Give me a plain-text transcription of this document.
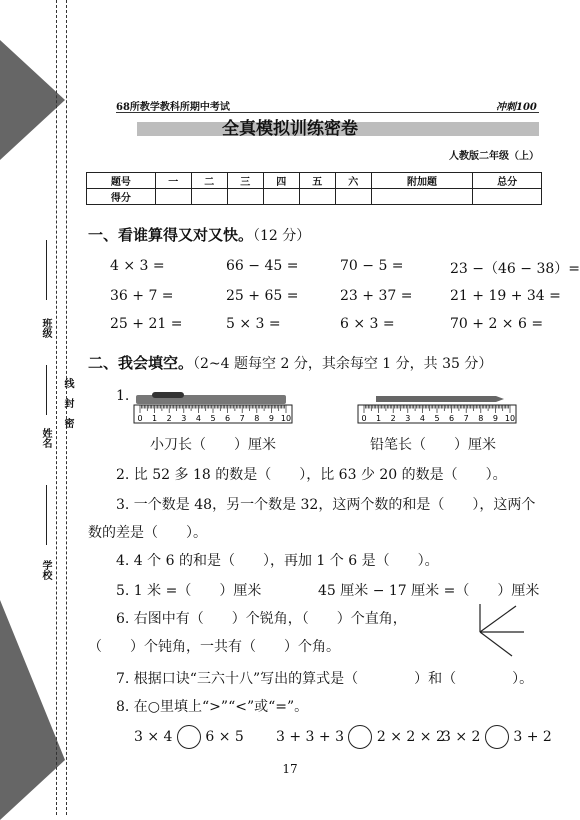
班级
姓名
线
封
密
学校
68所教学教科所期中考试	冲刺100
全真模拟训练密卷
人教版二年级（上）
题号	一	二	三	四	五	六	附加题	总分
得分								
一、看谁算得又对又快。（12 分）
4 × 3 =	66 − 45 =	70 − 5 =	23 −（46 − 38）=
36 + 7 =	25 + 65 =	23 + 37 =	21 + 19 + 34 =
25 + 21 =	5 × 3 =	6 × 3 =	70 + 2 × 6 =
二、我会填空。（2~4 题每空 2 分，其余每空 1 分，共 35 分）
1.
0 1 2 3 4 5 6 7 8 9 10
小刀长（　　）厘米
0 1 2 3 4 5 6 7 8 9 10
铅笔长（　　）厘米
2. 比 52 多 18 的数是（　　），比 63 少 20 的数是（　　）。
3. 一个数是 48，另一个数是 32，这两个数的和是（　　），这两个
数的差是（　　）。
4. 4 个 6 的和是（　　），再加 1 个 6 是（　　）。
5. 1 米 =（　　）厘米	45 厘米 − 17 厘米 =（　　）厘米
6. 右图中有（　　）个锐角，（　　）个直角，
（　　）个钝角，一共有（　　）个角。
7. 根据口诀“三六十八”写出的算式是（　　　　）和（　　　　）。
8. 在○里填上“>”“<”或“=”。
3 × 4 6 × 5 3 + 3 + 3 2 × 2 × 2
3 × 2 3 + 2
17
